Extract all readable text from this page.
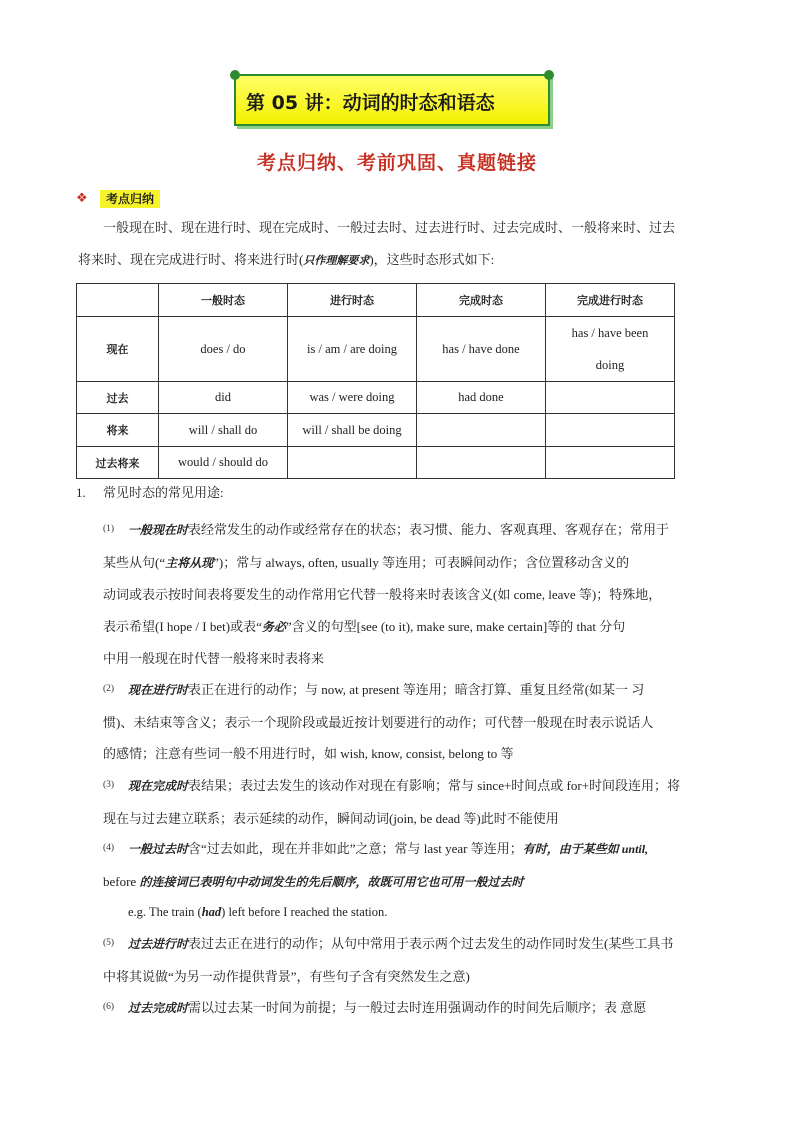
第 05 讲：动词的时态和语态
考点归纳、考前巩固、真题链接
❖	考点归纳
一般现在时、现在进行时、现在完成时、一般过去时、过去进行时、过去完成时、一般将来时、过去
将来时、现在完成进行时、将来进行时(只作理解要求)，这些时态形式如下:
	一般时态	进行时态	完成时态	完成进行时态
现在	does / do	is / am / are doing	has / have done	has / have been doing
过去	did	was / were doing	had done	
将来	will / shall do	will / shall be doing		
过去将来	would / should do			
1. 常见时态的常见用途:
(1) 一般现在时表经常发生的动作或经常存在的状态；表习惯、能力、客观真理、客观存在；常用于
某些从句(“主将从现”)；常与 always, often, usually 等连用；可表瞬间动作；含位置移动含义的
动词或表示按时间表将要发生的动作常用它代替一般将来时表该含义(如 come, leave 等)；特殊地，
表示希望(I hope / I bet)或表“务必”含义的句型[see (to it), make sure, make certain]等的 that 分句
中用一般现在时代替一般将来时表将来
(2) 现在进行时表正在进行的动作；与 now, at present 等连用；暗含打算、重复且经常(如某一 习
惯)、未结束等含义；表示一个现阶段或最近按计划要进行的动作；可代替一般现在时表示说话人
的感情；注意有些词一般不用进行时，如 wish, know, consist, belong to 等
(3) 现在完成时表结果；表过去发生的该动作对现在有影响；常与 since+时间点或 for+时间段连用；将
现在与过去建立联系；表示延续的动作，瞬间动词(join, be dead 等)此时不能使用
(4) 一般过去时含“过去如此，现在并非如此”之意；常与 last year 等连用；有时，由于某些如 until,
before 的连接词已表明句中动词发生的先后顺序，故既可用它也可用一般过去时
e.g. The train (had) left before I reached the station.
(5) 过去进行时表过去正在进行的动作；从句中常用于表示两个过去发生的动作同时发生(某些工具书
中将其说做“为另一动作提供背景”，有些句子含有突然发生之意)
(6) 过去完成时需以过去某一时间为前提；与一般过去时连用强调动作的时间先后顺序；表 意愿
